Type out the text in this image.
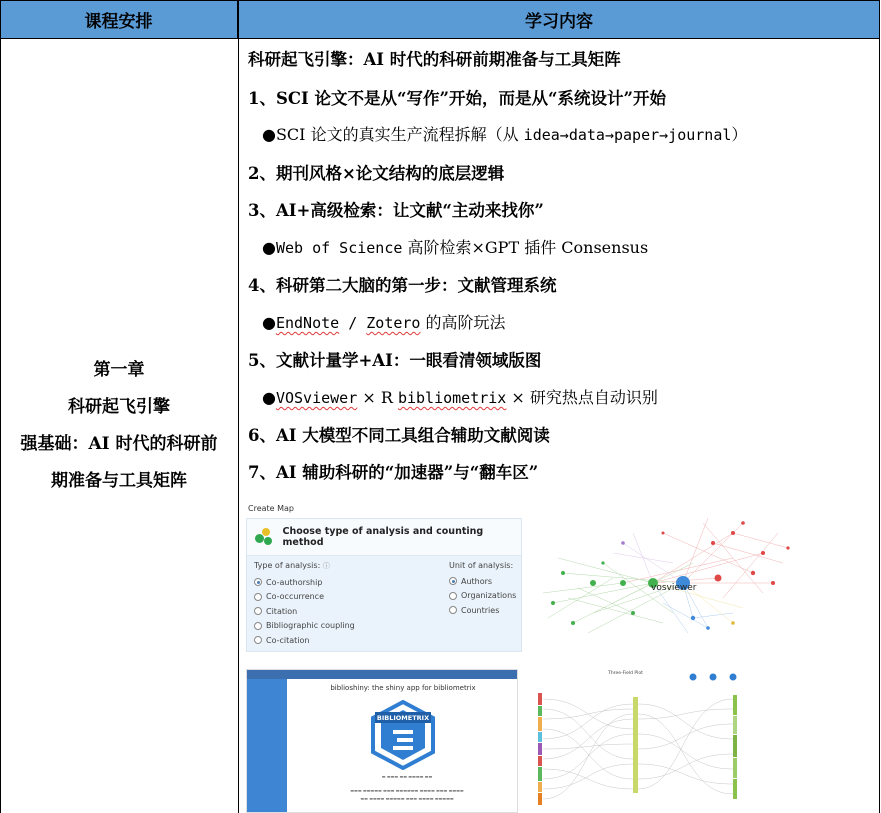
课程安排	学习内容
第一章
科研起飞引擎
强基础：AI 时代的科研前
期准备与工具矩阵
科研起飞引擎：AI 时代的科研前期准备与工具矩阵
1、SCI 论文不是从“写作”开始，而是从“系统设计”开始
●SCI 论文的真实生产流程拆解（从 idea→data→paper→journal）
2、期刊风格×论文结构的底层逻辑
3、AI+高级检索：让文献“主动来找你”
●Web of Science 高阶检索×GPT 插件 Consensus
4、科研第二大脑的第一步：文献管理系统
●EndNote / Zotero 的高阶玩法
5、文献计量学+AI：一眼看清领域版图
●VOSviewer × R bibliometrix × 研究热点自动识别
6、AI 大模型不同工具组合辅助文献阅读
7、AI 辅助科研的“加速器”与“翻车区”
Create Map
Choose type of analysis and counting method
Type of analysis: ⓘ
Co-authorship
Co-occurrence
Citation
Bibliographic coupling
Co-citation
Unit of analysis:
Authors
Organizations
Countries
vosviewer
biblioshiny: the shiny app for bibliometrix
BIBLIOMETRIX
▬ ▬▬▬ ▬▬ ▬▬▬▬ ▬▬
▬▬▬ ▬▬▬▬▬ ▬▬▬ ▬▬▬▬▬▬ ▬▬▬▬ ▬▬▬ ▬▬▬▬
▬▬ ▬▬▬▬ ▬▬▬▬▬ ▬▬▬ ▬▬▬▬ ▬▬▬▬▬
Three-Field Plot
